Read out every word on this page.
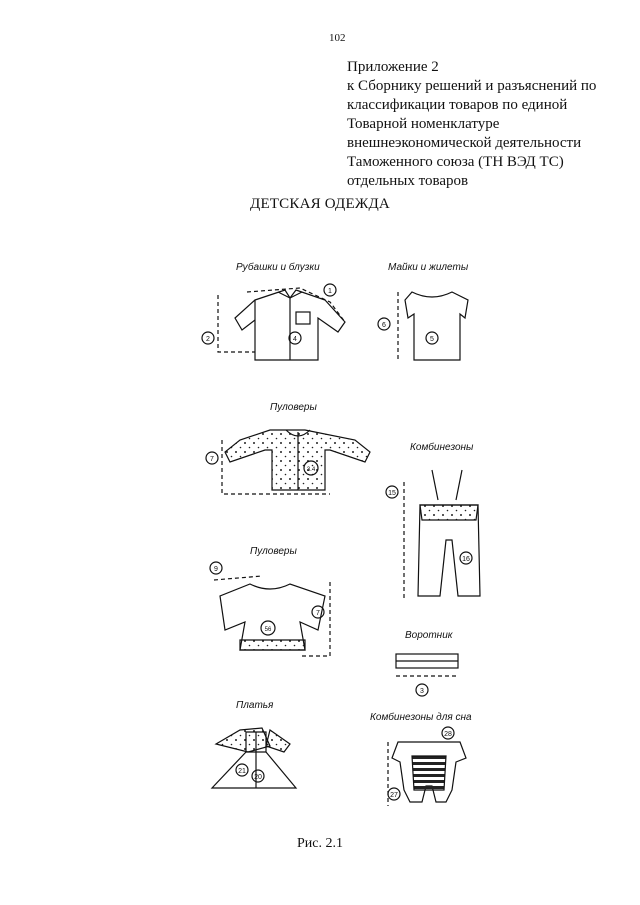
102
Приложение 2
к Сборнику решений и разъяснений по
классификации товаров по единой
Товарной номенклатуре
внешнеэкономической деятельности
Таможенного союза (ТН ВЭД ТС)
отдельных товаров
ДЕТСКАЯ ОДЕЖДА
Рубашки и блузки	Майки и жилеты
Пуловеры
Комбинезоны
Пуловеры
Воротник
Платья
Комбинезоны для сна
1
4
2
6
5
7
3.4
15
16
9
7
56
3
21
20
28
27
Рис. 2.1
